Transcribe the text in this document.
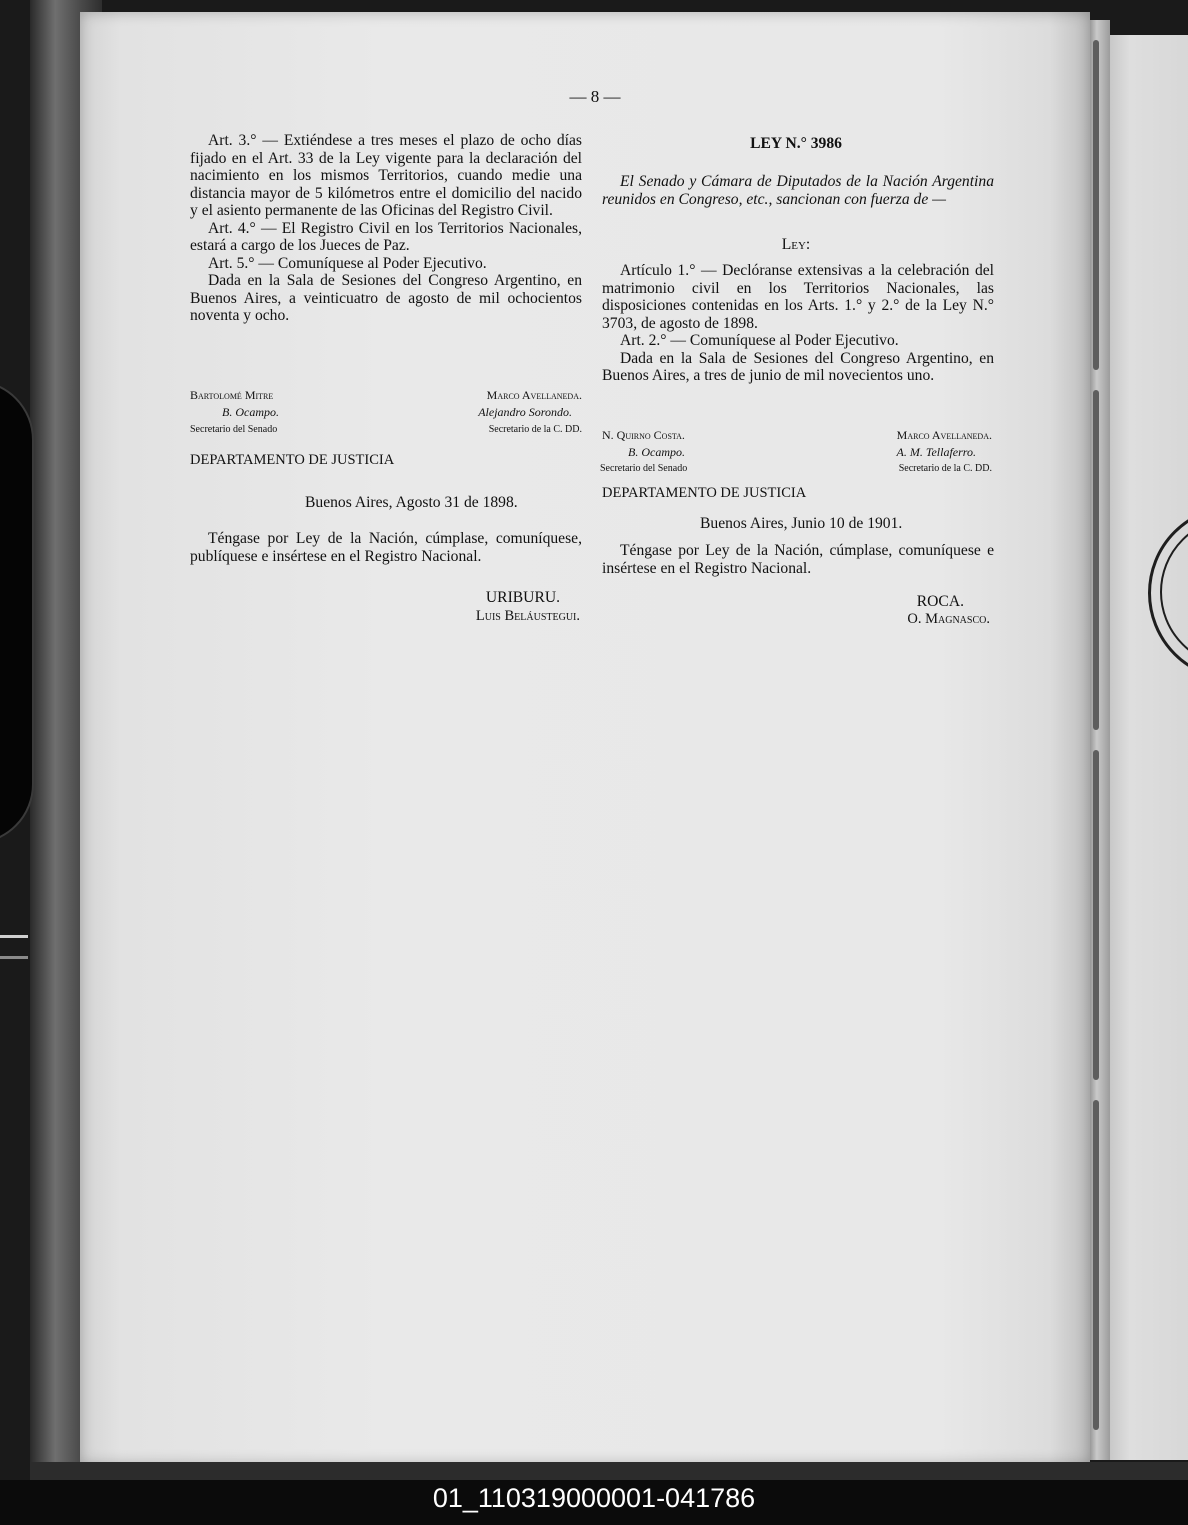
— 8 —
Art. 3.° — Extiéndese a tres meses el plazo de ocho días fijado en el Art. 33 de la Ley vigente para la declaración del nacimiento en los mismos Territorios, cuando medie una distancia mayor de 5 kilómetros entre el domicilio del nacido y el asiento permanente de las Oficinas del Registro Civil.
Art. 4.° — El Registro Civil en los Territorios Nacionales, estará a cargo de los Jueces de Paz.
Art. 5.° — Comuníquese al Poder Ejecutivo.
Dada en la Sala de Sesiones del Congreso Argentino, en Buenos Aires, a veinticuatro de agosto de mil ochocientos noventa y ocho.
Bartolomé Mitre
B. Ocampo.
Secretario del Senado
Marco Avellaneda.
Alejandro Sorondo.
Secretario de la C. DD.
DEPARTAMENTO DE JUSTICIA
Buenos Aires, Agosto 31 de 1898.
Téngase por Ley de la Nación, cúmplase, comuníquese, publíquese e insértese en el Registro Nacional.
URIBURU.
Luis Beláustegui.
LEY N.° 3986
El Senado y Cámara de Diputados de la Nación Argentina reunidos en Congreso, etc., sancionan con fuerza de —
Ley:
Artículo 1.° — Declóranse extensivas a la celebración del matrimonio civil en los Territorios Nacionales, las disposiciones contenidas en los Arts. 1.° y 2.° de la Ley N.° 3703, de agosto de 1898.
Art. 2.° — Comuníquese al Poder Ejecutivo.
Dada en la Sala de Sesiones del Congreso Argentino, en Buenos Aires, a tres de junio de mil novecientos uno.
N. Quirno Costa.
B. Ocampo.
Secretario del Senado
Marco Avellaneda.
A. M. Tellaferro.
Secretario de la C. DD.
DEPARTAMENTO DE JUSTICIA
Buenos Aires, Junio 10 de 1901.
Téngase por Ley de la Nación, cúmplase, comuníquese e insértese en el Registro Nacional.
ROCA.
O. Magnasco.
01_110319000001-041786
